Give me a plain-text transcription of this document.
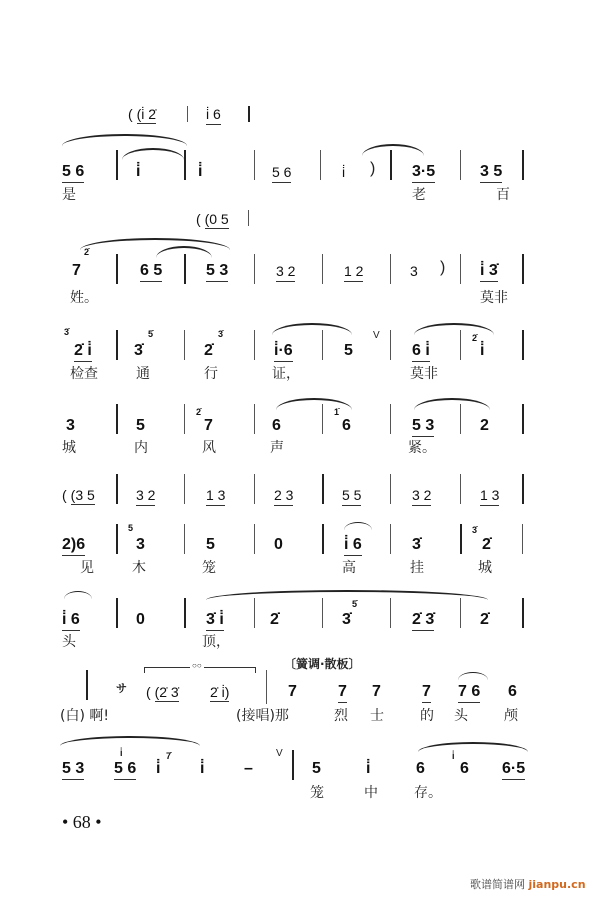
( (i̇ 2̇	i̇ 6
5 6	i̇	i̇	5 6	i̇ ) 3·5	3 5
是	老	百
( (0 5
2̇
7	6 5	5 3	3 2	1 2	3 ) i̇ 3̇
姓。	莫非
3̇
2̇ i̇	3̇
5̇
2̇
3̇
i̇·6	5
V
6 i̇
2̇
i̇
检查	通	行	证，	莫非
3	5
2̇
7	6
1̇
6	5 3	2
城	内	风	声	紧。
( (3 5	3 2	1 3	2 3	5 5	3 2	1 3
2)6
5
3	5	0	i̇ 6	3̇
3̇
2̇
见	木	笼	高	挂	城
i̇ 6	0	3̇ i̇	2̇	3̇
5̇
2̇ 3̇	2̇
头	顶，
〔簧调·散板〕
○○
サ ( (2̇ 3̇ 2̇ i̇)	7	7 7	7 7 6 6
(白) 啊!	(接唱)那	烈 士	的 头	颅
5 3 5 6
i̇
i̇
7̇
i̇ –
V
5	i̇	6
i̇
6 6·5
笼	中	存。
• 68 •
歌谱简谱网 jianpu.cn
